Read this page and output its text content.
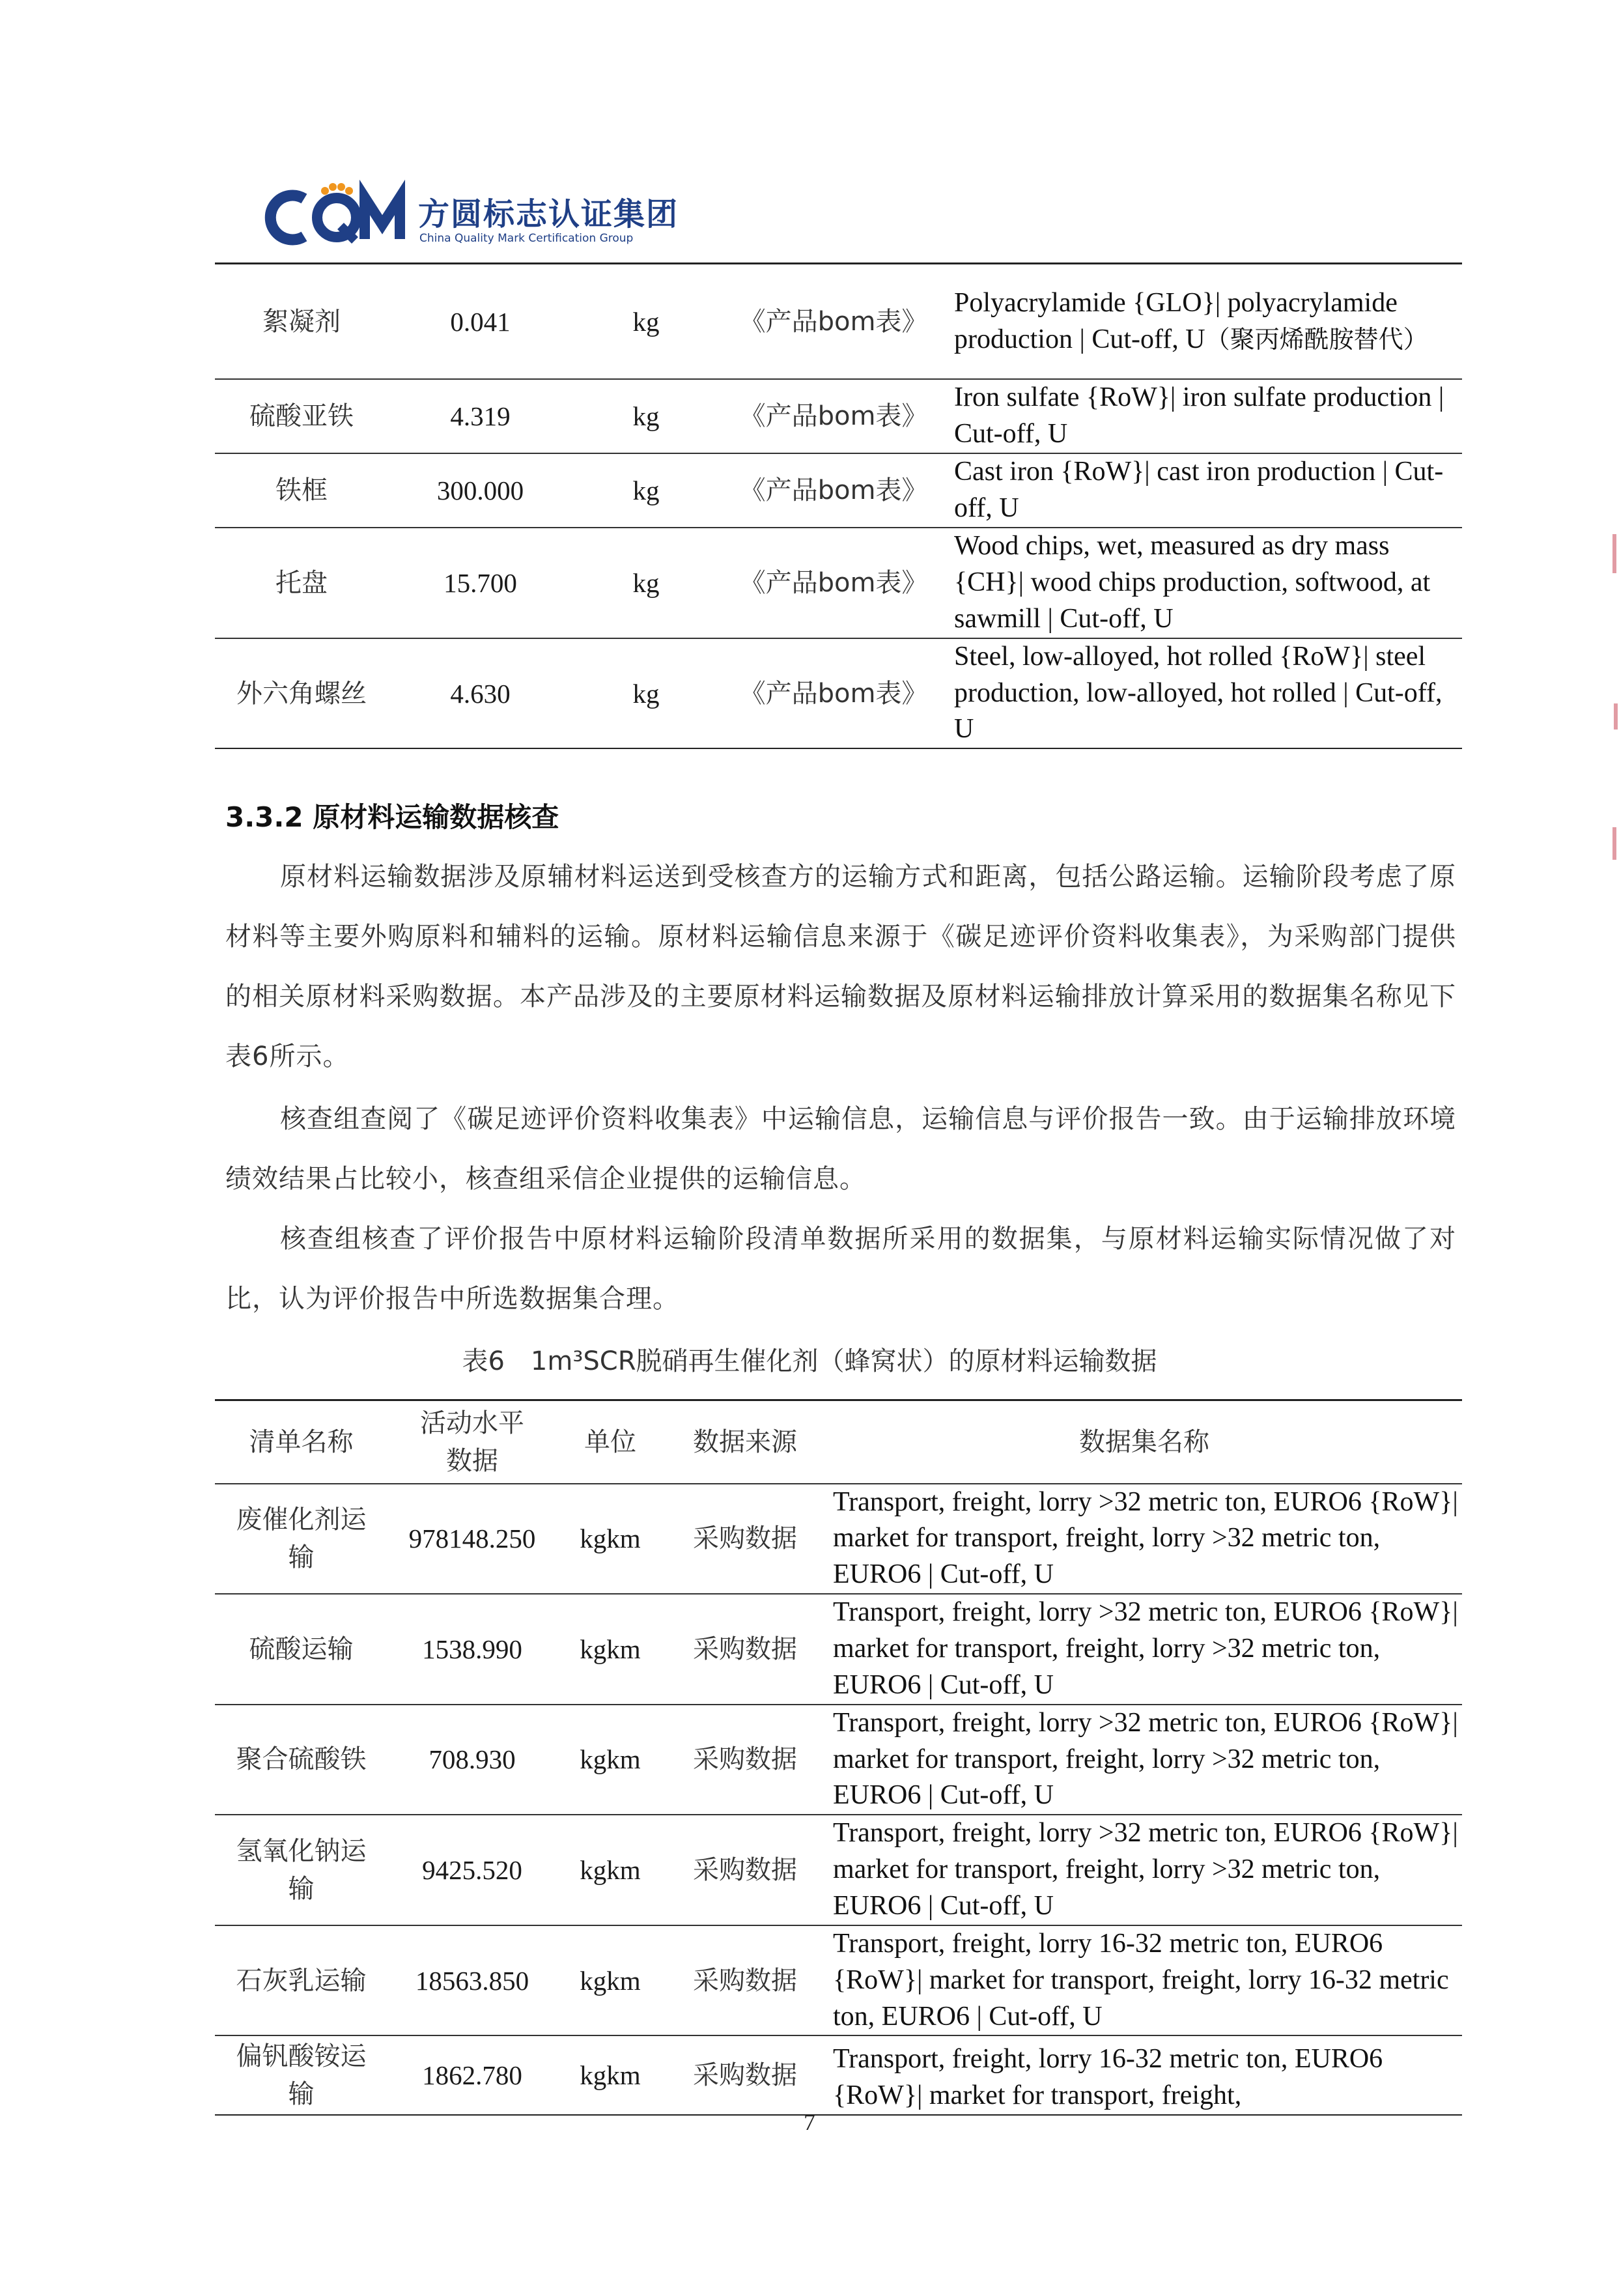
方圆标志认证集团
China Quality Mark Certification Group
絮凝剂	0.041	kg	《产品bom表》	Polyacrylamide {GLO}| polyacrylamide production | Cut-off, U（聚丙烯酰胺替代）
硫酸亚铁	4.319	kg	《产品bom表》	Iron sulfate {RoW}| iron sulfate production | Cut-off, U
铁框	300.000	kg	《产品bom表》	Cast iron {RoW}| cast iron production | Cut-off, U
托盘	15.700	kg	《产品bom表》	Wood chips, wet, measured as dry mass {CH}| wood chips production, softwood, at sawmill | Cut-off, U
外六角螺丝	4.630	kg	《产品bom表》	Steel, low-alloyed, hot rolled {RoW}| steel production, low-alloyed, hot rolled | Cut-off, U
3.3.2 原材料运输数据核查
原材料运输数据涉及原辅材料运送到受核查方的运输方式和距离，包括公路运输。运输阶段考虑了原材料等主要外购原料和辅料的运输。原材料运输信息来源于《碳足迹评价资料收集表》，为采购部门提供的相关原材料采购数据。本产品涉及的主要原材料运输数据及原材料运输排放计算采用的数据集名称见下表6所示。
核查组查阅了《碳足迹评价资料收集表》中运输信息，运输信息与评价报告一致。由于运输排放环境绩效结果占比较小，核查组采信企业提供的运输信息。
核查组核查了评价报告中原材料运输阶段清单数据所采用的数据集，与原材料运输实际情况做了对比，认为评价报告中所选数据集合理。
表6　1m³SCR脱硝再生催化剂（蜂窝状）的原材料运输数据
清单名称	活动水平数据	单位	数据来源	数据集名称
废催化剂运输	978148.250	kgkm	采购数据	Transport, freight, lorry >32 metric ton, EURO6 {RoW}| market for transport, freight, lorry >32 metric ton, EURO6 | Cut-off, U
硫酸运输	1538.990	kgkm	采购数据	Transport, freight, lorry >32 metric ton, EURO6 {RoW}| market for transport, freight, lorry >32 metric ton, EURO6 | Cut-off, U
聚合硫酸铁	708.930	kgkm	采购数据	Transport, freight, lorry >32 metric ton, EURO6 {RoW}| market for transport, freight, lorry >32 metric ton, EURO6 | Cut-off, U
氢氧化钠运输	9425.520	kgkm	采购数据	Transport, freight, lorry >32 metric ton, EURO6 {RoW}| market for transport, freight, lorry >32 metric ton, EURO6 | Cut-off, U
石灰乳运输	18563.850	kgkm	采购数据	Transport, freight, lorry 16-32 metric ton, EURO6 {RoW}| market for transport, freight, lorry 16-32 metric ton, EURO6 | Cut-off, U
偏钒酸铵运输	1862.780	kgkm	采购数据	Transport, freight, lorry 16-32 metric ton, EURO6 {RoW}| market for transport, freight,
7
